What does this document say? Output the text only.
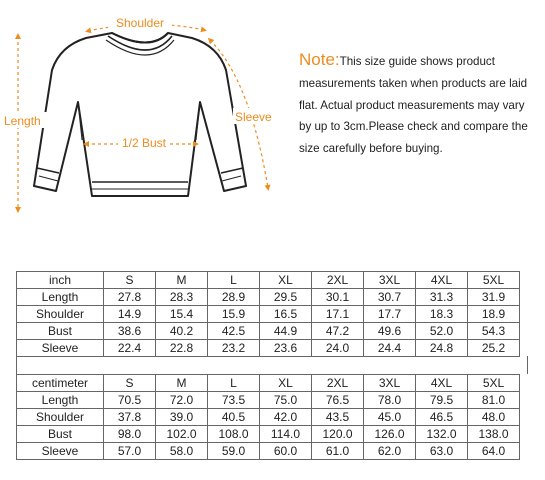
Shoulder
Length
1/2 Bust
Sleeve
Note:This size guide shows product measurements taken when products are laid flat. Actual product measurements may vary by up to 3cm.Please check and compare the size carefully before buying.
inch	S	M	L	XL	2XL	3XL	4XL	5XL
Length	27.8	28.3	28.9	29.5	30.1	30.7	31.3	31.9
Shoulder	14.9	15.4	15.9	16.5	17.1	17.7	18.3	18.9
Bust	38.6	40.2	42.5	44.9	47.2	49.6	52.0	54.3
Sleeve	22.4	22.8	23.2	23.6	24.0	24.4	24.8	25.2
centimeter	S	M	L	XL	2XL	3XL	4XL	5XL
Length	70.5	72.0	73.5	75.0	76.5	78.0	79.5	81.0
Shoulder	37.8	39.0	40.5	42.0	43.5	45.0	46.5	48.0
Bust	98.0	102.0	108.0	114.0	120.0	126.0	132.0	138.0
Sleeve	57.0	58.0	59.0	60.0	61.0	62.0	63.0	64.0
